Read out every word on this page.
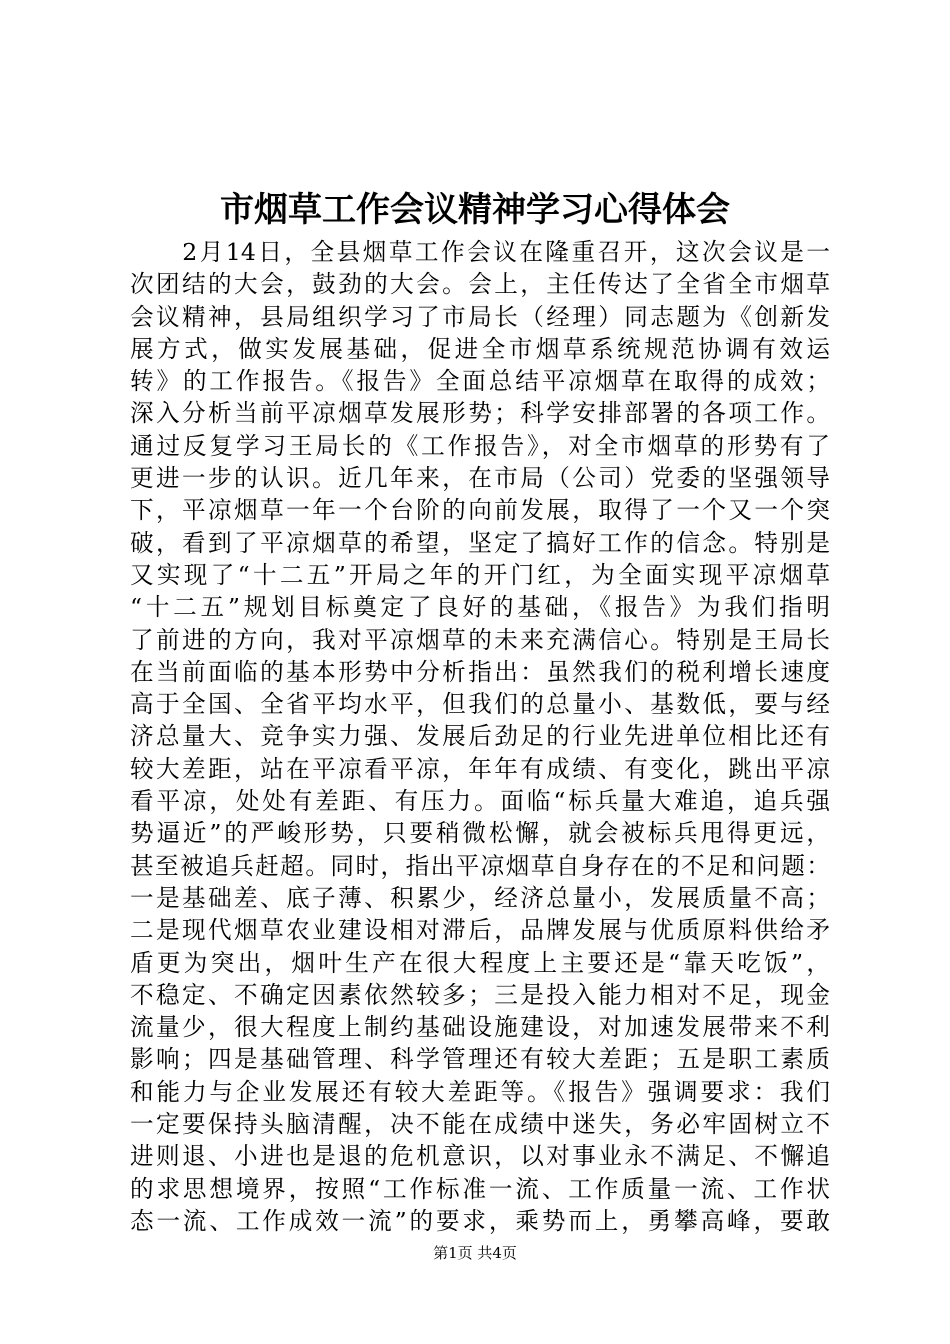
市烟草工作会议精神学习心得体会
　　2月14日，全县烟草工作会议在隆重召开，这次会议是一
次团结的大会，鼓劲的大会。会上，主任传达了全省全市烟草
会议精神，县局组织学习了市局长（经理）同志题为《创新发
展方式，做实发展基础，促进全市烟草系统规范协调有效运
转》的工作报告。《报告》全面总结平凉烟草在取得的成效；
深入分析当前平凉烟草发展形势；科学安排部署的各项工作。
通过反复学习王局长的《工作报告》，对全市烟草的形势有了
更进一步的认识。近几年来，在市局（公司）党委的坚强领导
下，平凉烟草一年一个台阶的向前发展，取得了一个又一个突
破，看到了平凉烟草的希望，坚定了搞好工作的信念。特别是
又实现了“十二五”开局之年的开门红，为全面实现平凉烟草
“十二五”规划目标奠定了良好的基础，《报告》为我们指明
了前进的方向，我对平凉烟草的未来充满信心。特别是王局长
在当前面临的基本形势中分析指出：虽然我们的税利增长速度
高于全国、全省平均水平，但我们的总量小、基数低，要与经
济总量大、竞争实力强、发展后劲足的行业先进单位相比还有
较大差距，站在平凉看平凉，年年有成绩、有变化，跳出平凉
看平凉，处处有差距、有压力。面临“标兵量大难追，追兵强
势逼近”的严峻形势，只要稍微松懈，就会被标兵甩得更远，
甚至被追兵赶超。同时，指出平凉烟草自身存在的不足和问题：
一是基础差、底子薄、积累少，经济总量小，发展质量不高；
二是现代烟草农业建设相对滞后，品牌发展与优质原料供给矛
盾更为突出，烟叶生产在很大程度上主要还是“靠天吃饭”，
不稳定、不确定因素依然较多；三是投入能力相对不足，现金
流量少，很大程度上制约基础设施建设，对加速发展带来不利
影响；四是基础管理、科学管理还有较大差距；五是职工素质
和能力与企业发展还有较大差距等。《报告》强调要求：我们
一定要保持头脑清醒，决不能在成绩中迷失，务必牢固树立不
进则退、小进也是退的危机意识，以对事业永不满足、不懈追
的求思想境界，按照“工作标准一流、工作质量一流、工作状
态一流、工作成效一流”的要求，乘势而上，勇攀高峰，要敢
第1页 共4页
